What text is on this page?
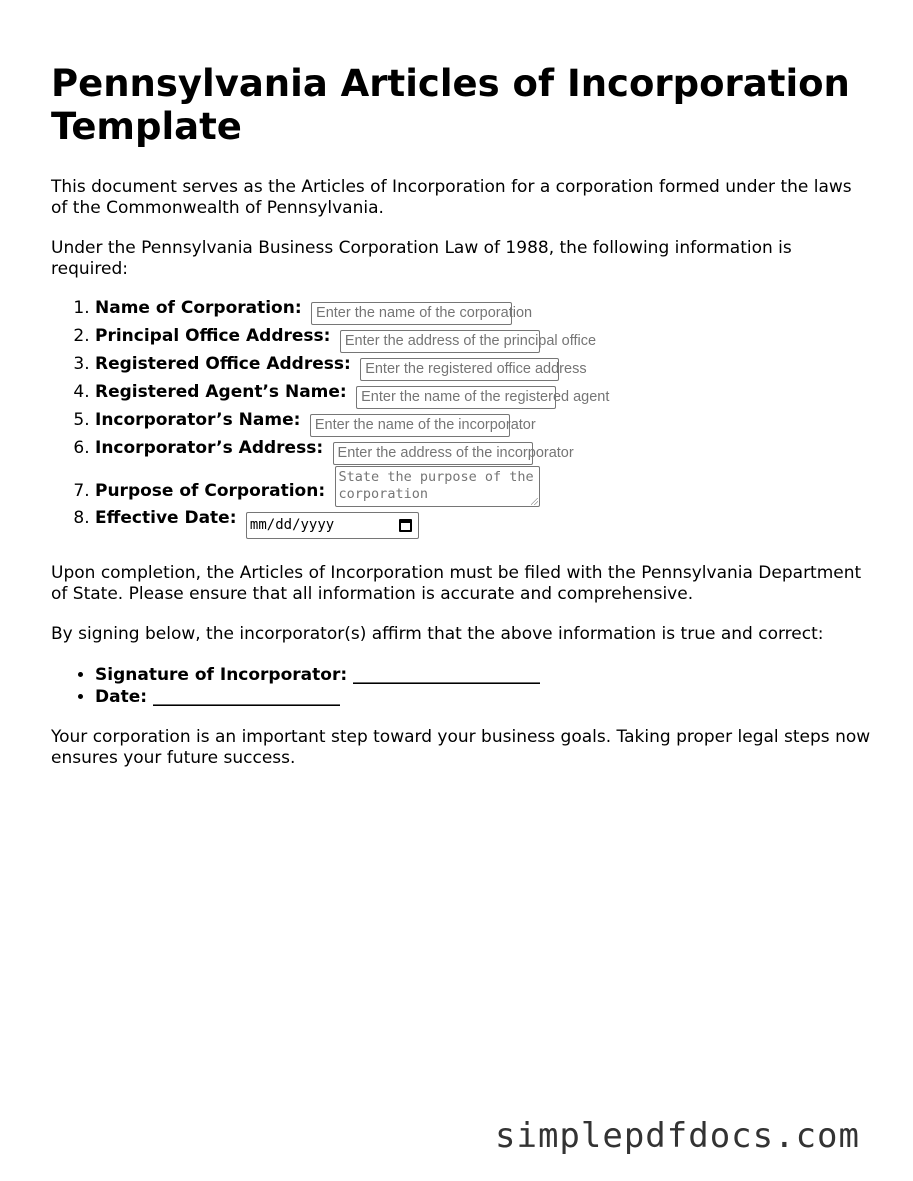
Pennsylvania Articles of Incorporation Template

This document serves as the Articles of Incorporation for a corporation formed under the laws of the Commonwealth of Pennsylvania.

Under the Pennsylvania Business Corporation Law of 1988, the following information is required:

1. Name of Corporation: Enter the name of the corporation
2. Principal Office Address: Enter the address of the principal office
3. Registered Office Address: Enter the registered office address
4. Registered Agent’s Name: Enter the name of the registered agent
5. Incorporator’s Name: Enter the name of the incorporator
6. Incorporator’s Address: Enter the address of the incorporator
7. Purpose of Corporation: State the purpose of the corporation
8. Effective Date: mm/dd/yyyy

Upon completion, the Articles of Incorporation must be filed with the Pennsylvania Department of State. Please ensure that all information is accurate and comprehensive.

By signing below, the incorporator(s) affirm that the above information is true and correct:

• Signature of Incorporator: ______________________
• Date: ______________________

Your corporation is an important step toward your business goals. Taking proper legal steps now ensures your future success.

simplepdfdocs.com
